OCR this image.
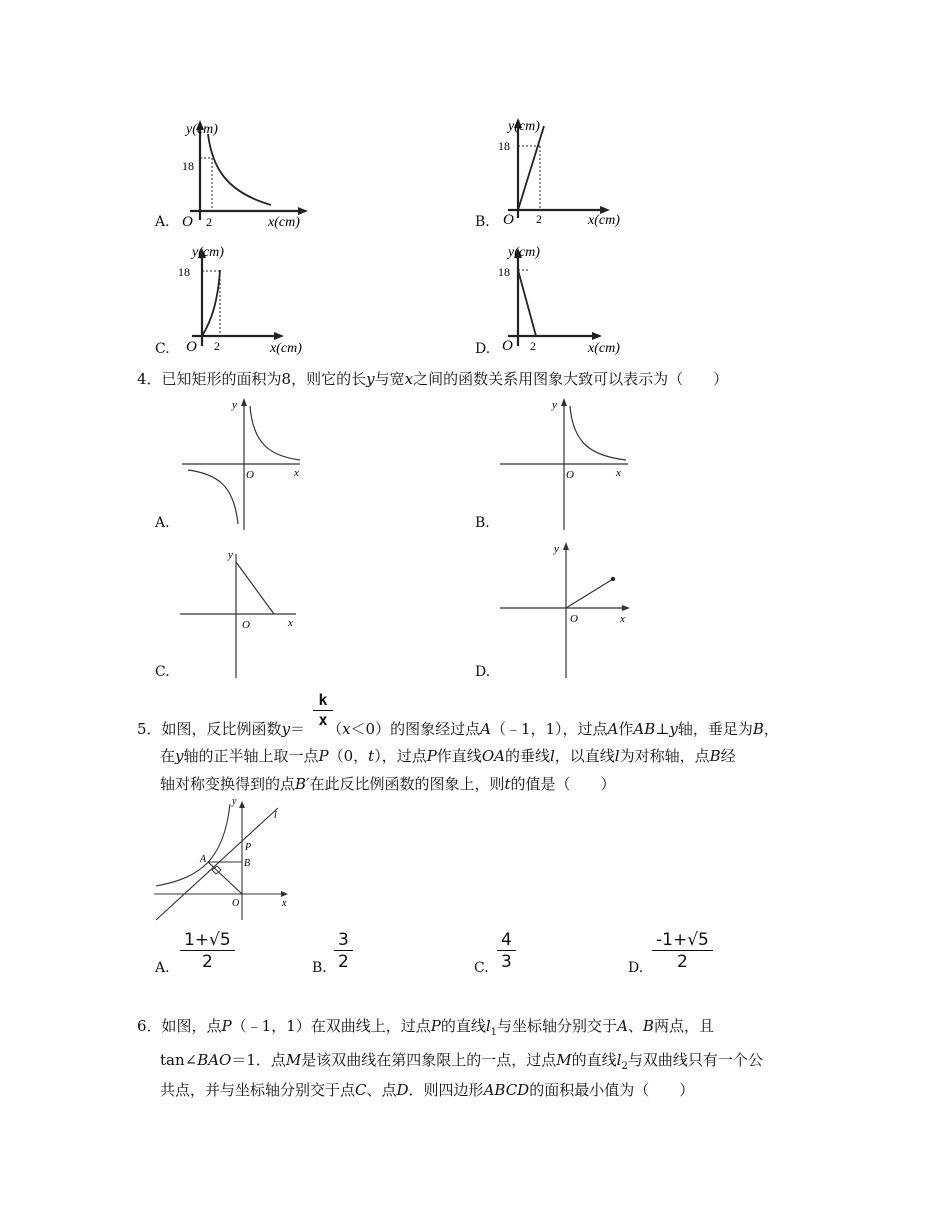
A.
y(cm)
18
O 2	x(cm)	B.
y(cm)
18
O 2	x(cm)
C.
y(cm)
18
O 2	x(cm)	D.
y(cm)
18
O 2	x(cm)
4．已知矩形的面积为8，则它的长y与宽x之间的函数关系用图象大致可以表示为（　　）
A.
y
O	x
B.
y
O	x
C.
y
O	x
D.
y
O	x
k
x
5．如图，反比例函数y＝ （x＜0）的图象经过点A（﹣1，1），过点A作AB⊥y轴，垂足为B，
在y轴的正半轴上取一点P（0，t），过点P作直线OA的垂线l，以直线l为对称轴，点B经
轴对称变换得到的点B′在此反比例函数的图象上，则t的值是（　　）
y
x
l
A	B
P
O
A. $\frac{1+√5}{2}$	B. $\frac{3}{2}$	C. $\frac{4}{3}$	D. $\frac{-1+√5}{2}$
6．如图，点P（﹣1，1）在双曲线上，过点P的直线$l_1$与坐标轴分别交于A、B两点，且
tan∠BAO＝1．点M是该双曲线在第四象限上的一点，过点M的直线$l_2$与双曲线只有一个公
共点，并与坐标轴分别交于点C、点D．则四边形ABCD的面积最小值为（　　）
